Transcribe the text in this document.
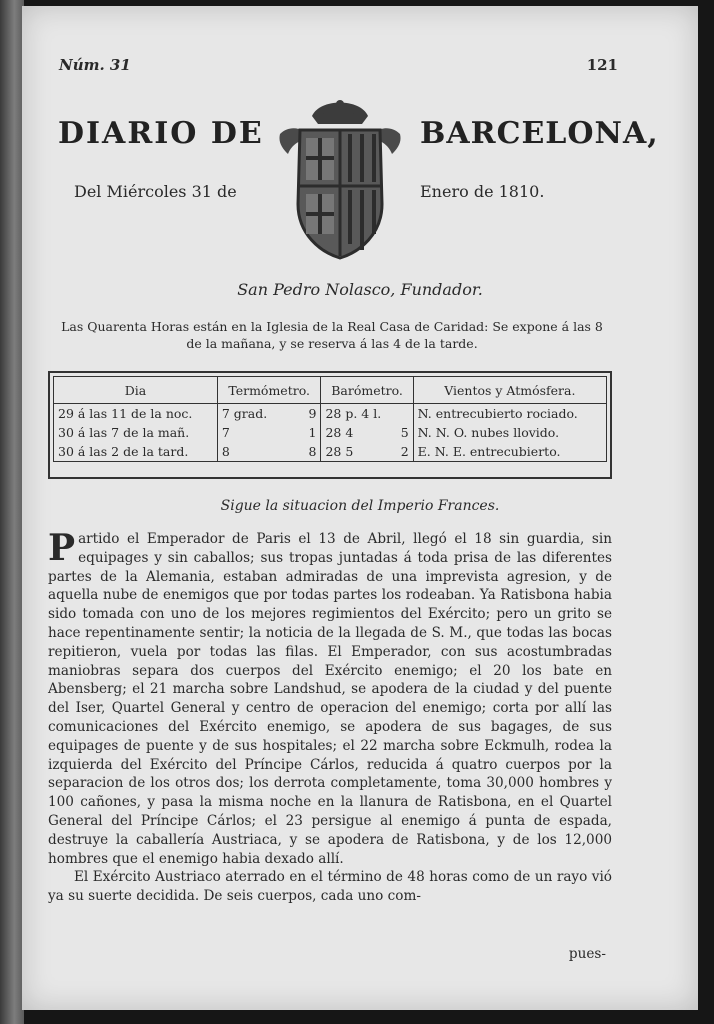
Núm. 31	121
DIARIO DE	BARCELONA,
Del Miércoles 31 de	Enero de 1810.
San Pedro Nolasco, Fundador.
Las Quarenta Horas están en la Iglesia de la Real Casa de Caridad: Se expone á las 8 de la mañana, y se reserva á las 4 de la tarde.
Dia	Termómetro.		Barómetro.		Vientos y Atmósfera.
29 á las 11 de la noc.	7 grad.	9	28 p. 4 l.		N. entrecubierto rociado.
30 á las 7 de la mañ.	7	1	28 4	5	N. N. O. nubes llovido.
30 á las 2 de la tard.	8	8	28 5	2	E. N. E. entrecubierto.
Sigue la situacion del Imperio Frances.

Partido el Emperador de Paris el 13 de Abril, llegó el 18 sin guardia, sin equipages y sin caballos; sus tropas juntadas á toda prisa de las diferentes partes de la Alemania, estaban admiradas de una imprevista agresion, y de aquella nube de enemigos que por todas partes los rodeaban. Ya Ratisbona habia sido tomada con uno de los mejores regimientos del Exército; pero un grito se hace repentinamente sentir; la noticia de la llegada de S. M., que todas las bocas repitieron, vuela por todas las filas. El Emperador, con sus acostumbradas maniobras separa dos cuerpos del Exército enemigo; el 20 los bate en Abensberg; el 21 marcha sobre Landshud, se apodera de la ciudad y del puente del Iser, Quartel General y centro de operacion del enemigo; corta por allí las comunicaciones del Exército enemigo, se apodera de sus bagages, de sus equipages de puente y de sus hospitales; el 22 marcha sobre Eckmulh, rodea la izquierda del Exército del Príncipe Cárlos, reducida á quatro cuerpos por la separacion de los otros dos; los derrota completamente, toma 30,000 hombres y 100 cañones, y pasa la misma noche en la llanura de Ratisbona, en el Quartel General del Príncipe Cárlos; el 23 persigue al enemigo á punta de espada, destruye la caballería Austriaca, y se apodera de Ratisbona, y de los 12,000 hombres que el enemigo habia dexado allí.

El Exército Austriaco aterrado en el término de 48 horas como de un rayo vió ya su suerte decidida. De seis cuerpos, cada uno com-

pues-
